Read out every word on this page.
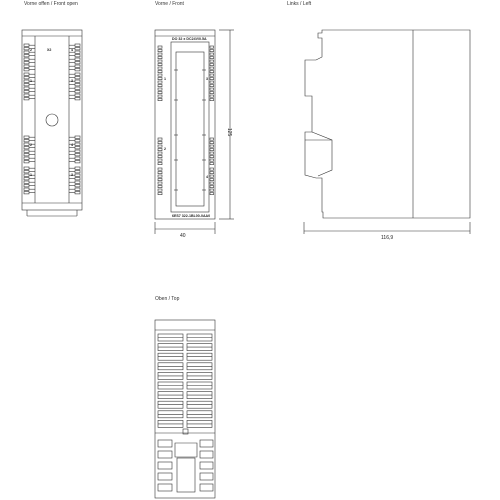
Vorne offen / Front open	Vorne / Front	Links / Left
Oben / Top
X2
2
1
2
1
4
3
4
3
DO 32 x DC24V/0.5A
6ES7 322-1BL00-0AA0
1
2
3
4
40
125
116,9
